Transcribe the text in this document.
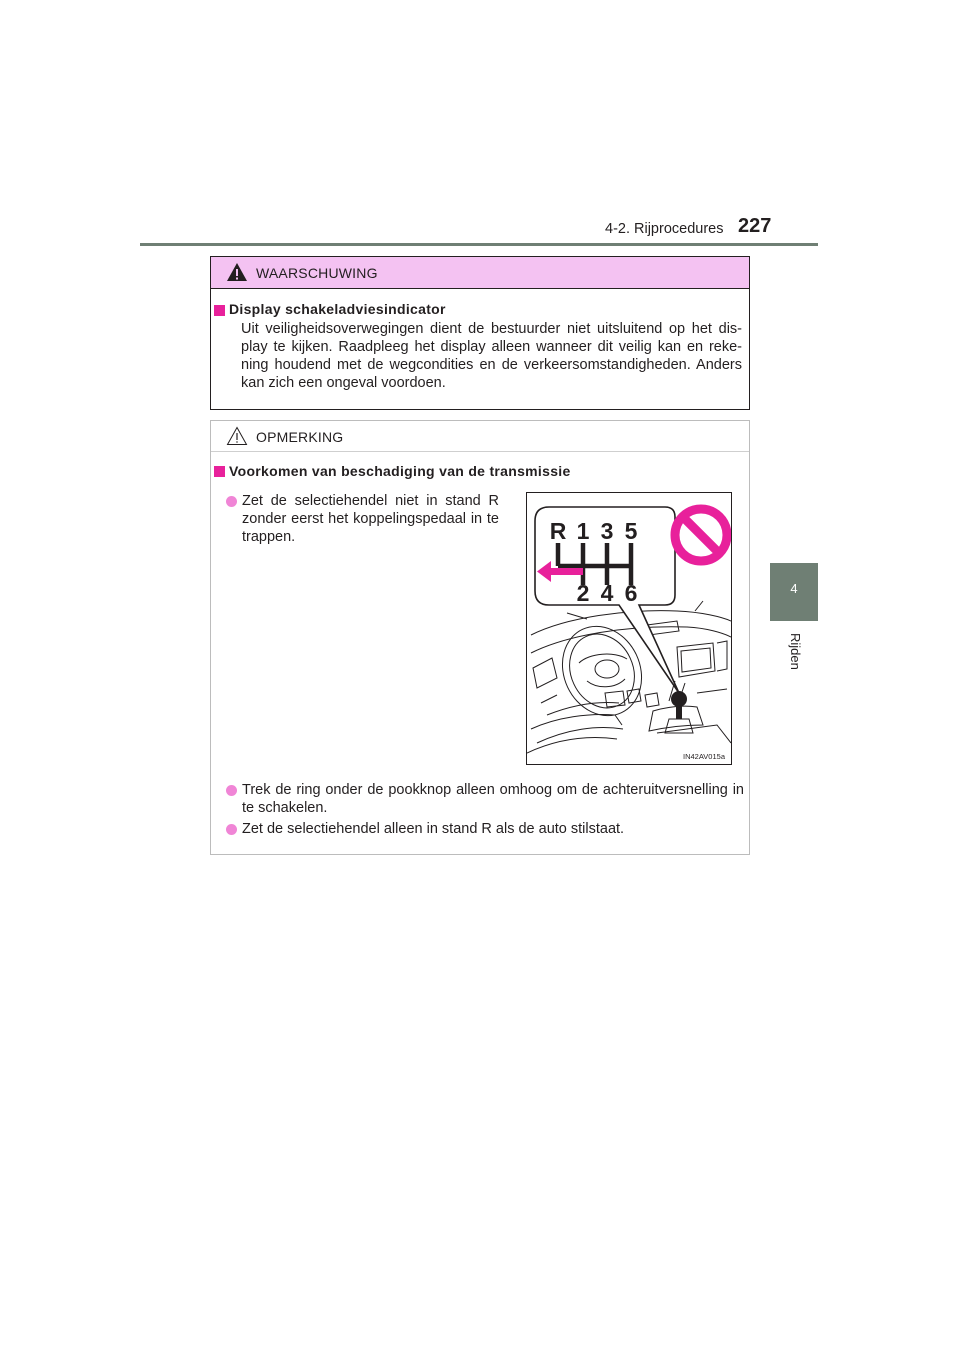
4-2. Rijprocedures 227
4
Rijden
WAARSCHUWING
Display schakeladviesindicator
Uit veiligheidsoverwegingen dient de bestuurder niet uitsluitend op het dis- play te kijken. Raadpleeg het display alleen wanneer dit veilig kan en reke- ning houdend met de wegcondities en de verkeersomstandigheden. Anders kan zich een ongeval voordoen.
OPMERKING
Voorkomen van beschadiging van de transmissie
Zet de selectiehendel niet in stand R zonder eerst het koppelingspedaal in te trappen.
Trek de ring onder de pookknop alleen omhoog om de achteruitversnelling in te schakelen.
Zet de selectiehendel alleen in stand R als de auto stilstaat.
R 1 3 5
2 4 6
IN42AV015a
